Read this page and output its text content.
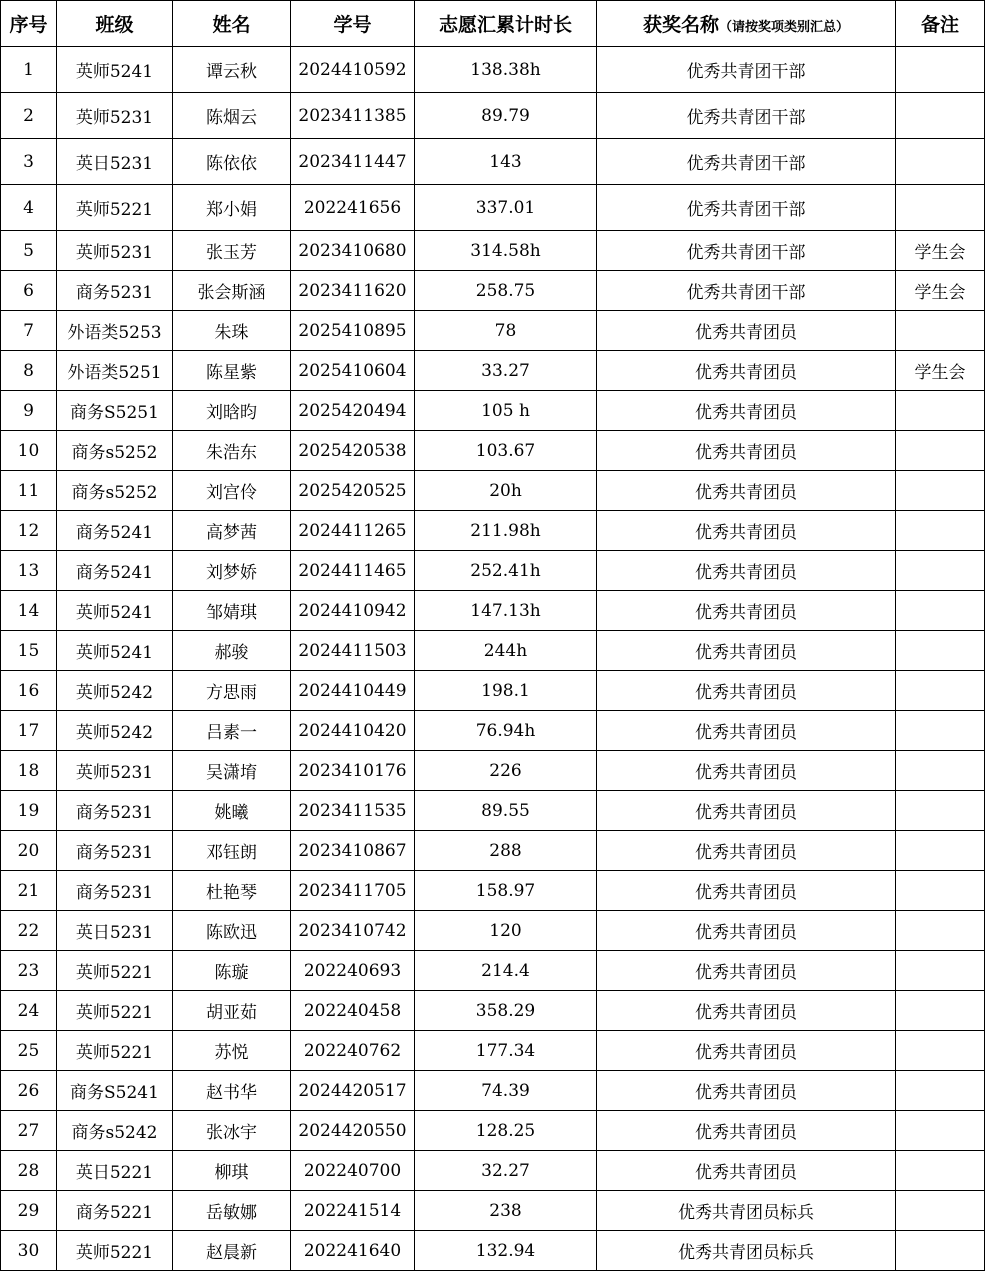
序号	班级	姓名	学号	志愿汇累计时长	获奖名称（请按奖项类别汇总）	备注
1	英师5241	谭云秋	2024410592	138.38h	优秀共青团干部	
2	英师5231	陈烟云	2023411385	89.79	优秀共青团干部	
3	英日5231	陈依依	2023411447	143	优秀共青团干部	
4	英师5221	郑小娟	202241656	337.01	优秀共青团干部	
5	英师5231	张玉芳	2023410680	314.58h	优秀共青团干部	学生会
6	商务5231	张会斯涵	2023411620	258.75	优秀共青团干部	学生会
7	外语类5253	朱珠	2025410895	78	优秀共青团员	
8	外语类5251	陈星紫	2025410604	33.27	优秀共青团员	学生会
9	商务S5251	刘晗昀	2025420494	105 h	优秀共青团员	
10	商务s5252	朱浩东	2025420538	103.67	优秀共青团员	
11	商务s5252	刘宫伶	2025420525	20h	优秀共青团员	
12	商务5241	高梦茜	2024411265	211.98h	优秀共青团员	
13	商务5241	刘梦娇	2024411465	252.41h	优秀共青团员	
14	英师5241	邹婧琪	2024410942	147.13h	优秀共青团员	
15	英师5241	郝骏	2024411503	244h	优秀共青团员	
16	英师5242	方思雨	2024410449	198.1	优秀共青团员	
17	英师5242	吕素一	2024410420	76.94h	优秀共青团员	
18	英师5231	吴潇堉	2023410176	226	优秀共青团员	
19	商务5231	姚曦	2023411535	89.55	优秀共青团员	
20	商务5231	邓钰朗	2023410867	288	优秀共青团员	
21	商务5231	杜艳琴	2023411705	158.97	优秀共青团员	
22	英日5231	陈欧迅	2023410742	120	优秀共青团员	
23	英师5221	陈璇	202240693	214.4	优秀共青团员	
24	英师5221	胡亚茹	202240458	358.29	优秀共青团员	
25	英师5221	苏悦	202240762	177.34	优秀共青团员	
26	商务S5241	赵书华	2024420517	74.39	优秀共青团员	
27	商务s5242	张冰宇	2024420550	128.25	优秀共青团员	
28	英日5221	柳琪	202240700	32.27	优秀共青团员	
29	商务5221	岳敏娜	202241514	238	优秀共青团员标兵	
30	英师5221	赵晨新	202241640	132.94	优秀共青团员标兵	
